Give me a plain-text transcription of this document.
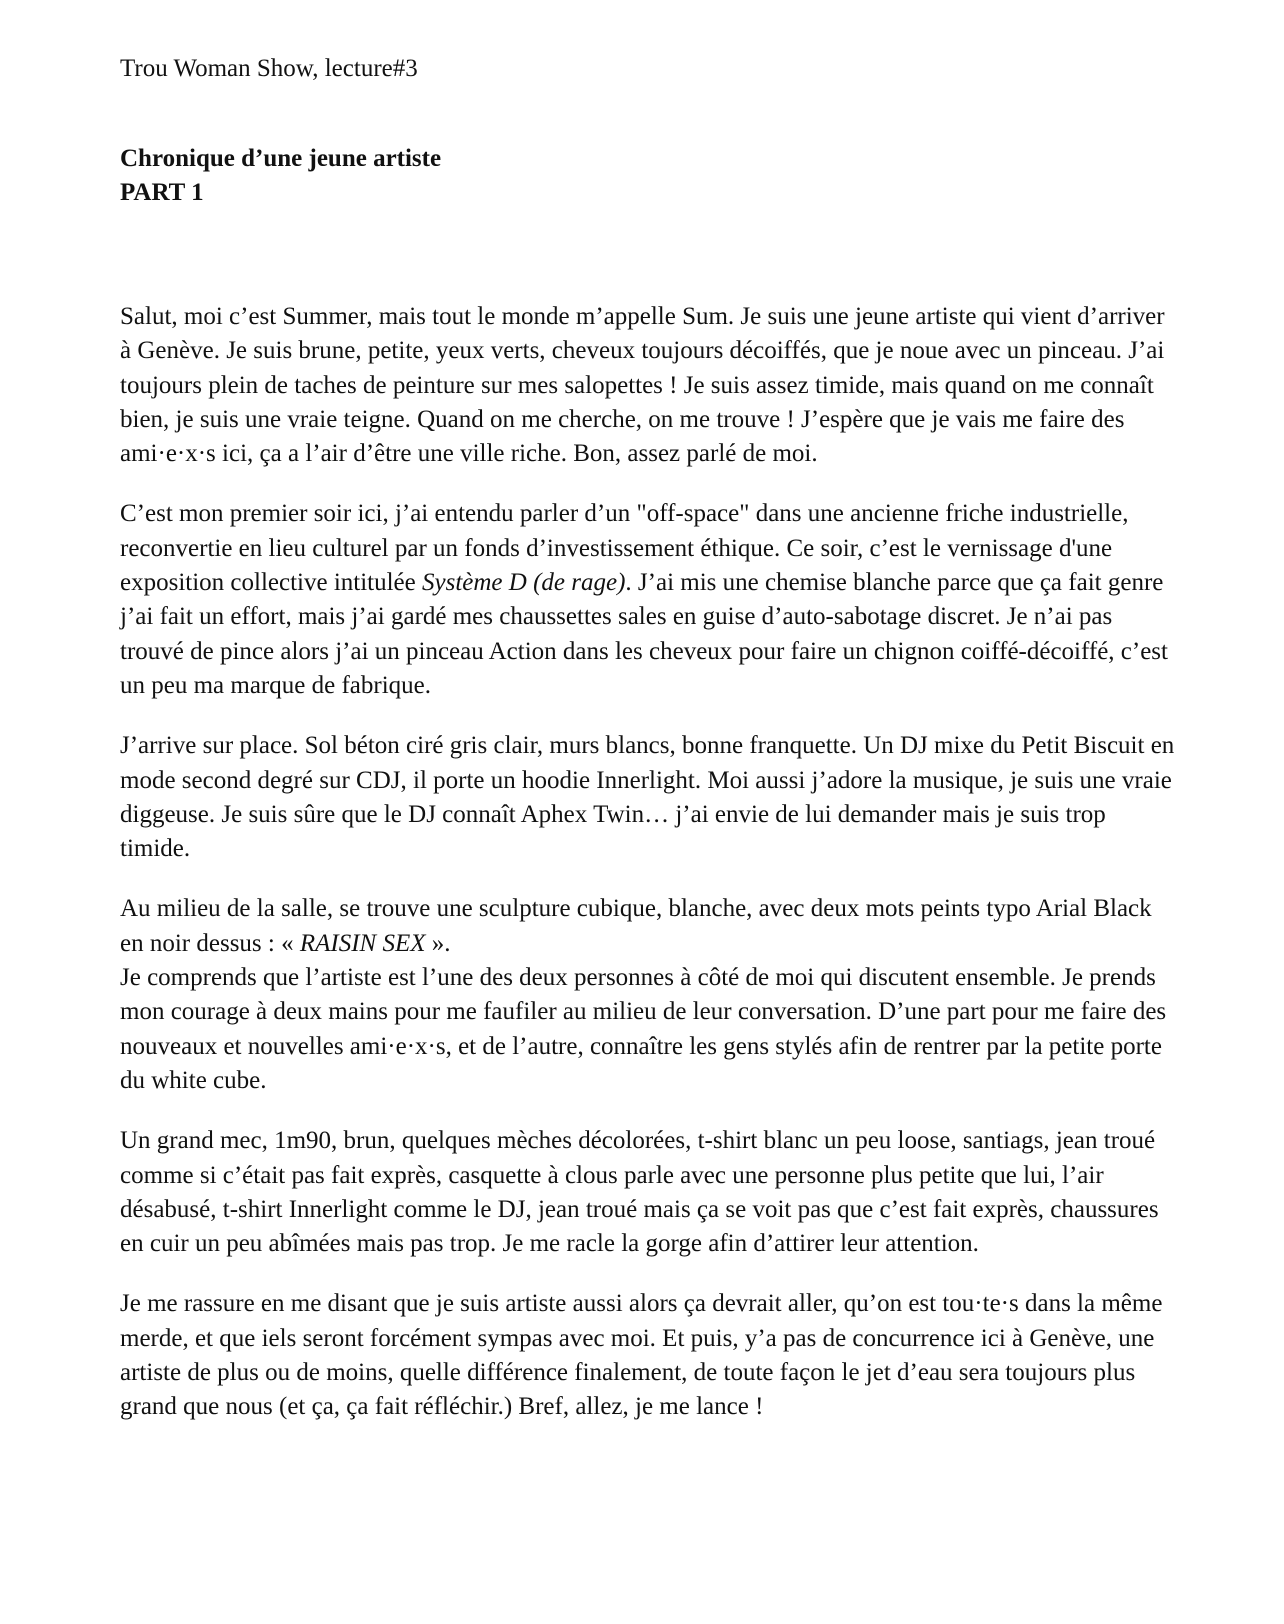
Trou Woman Show, lecture#3

Chronique d’une jeune artiste
PART 1

Salut, moi c’est Summer, mais tout le monde m’appelle Sum. Je suis une jeune artiste qui vient d’arriver à Genève. Je suis brune, petite, yeux verts, cheveux toujours décoiffés, que je noue avec un pinceau. J’ai toujours plein de taches de peinture sur mes salopettes ! Je suis assez timide, mais quand on me connaît bien, je suis une vraie teigne. Quand on me cherche, on me trouve ! J’espère que je vais me faire des ami·e·x·s ici, ça a l’air d’être une ville riche. Bon, assez parlé de moi.

C’est mon premier soir ici, j’ai entendu parler d’un "off-space" dans une ancienne friche industrielle, reconvertie en lieu culturel par un fonds d’investissement éthique. Ce soir, c’est le vernissage d'une exposition collective intitulée Système D (de rage). J’ai mis une chemise blanche parce que ça fait genre j’ai fait un effort, mais j’ai gardé mes chaussettes sales en guise d’auto-sabotage discret. Je n’ai pas trouvé de pince alors j’ai un pinceau Action dans les cheveux pour faire un chignon coiffé-décoiffé, c’est un peu ma marque de fabrique.

J’arrive sur place. Sol béton ciré gris clair, murs blancs, bonne franquette. Un DJ mixe du Petit Biscuit en mode second degré sur CDJ, il porte un hoodie Innerlight. Moi aussi j’adore la musique, je suis une vraie diggeuse. Je suis sûre que le DJ connaît Aphex Twin… j’ai envie de lui demander mais je suis trop timide.

Au milieu de la salle, se trouve une sculpture cubique, blanche, avec deux mots peints typo Arial Black en noir dessus : « RAISIN SEX ».
Je comprends que l’artiste est l’une des deux personnes à côté de moi qui discutent ensemble. Je prends mon courage à deux mains pour me faufiler au milieu de leur conversation. D’une part pour me faire des nouveaux et nouvelles ami·e·x·s, et de l’autre, connaître les gens stylés afin de rentrer par la petite porte du white cube.

Un grand mec, 1m90, brun, quelques mèches décolorées, t-shirt blanc un peu loose, santiags, jean troué comme si c’était pas fait exprès, casquette à clous parle avec une personne plus petite que lui, l’air désabusé, t-shirt Innerlight comme le DJ, jean troué mais ça se voit pas que c’est fait exprès, chaussures en cuir un peu abîmées mais pas trop. Je me racle la gorge afin d’attirer leur attention.

Je me rassure en me disant que je suis artiste aussi alors ça devrait aller, qu’on est tou·te·s dans la même merde, et que iels seront forcément sympas avec moi. Et puis, y’a pas de concurrence ici à Genève, une artiste de plus ou de moins, quelle différence finalement, de toute façon le jet d’eau sera toujours plus grand que nous (et ça, ça fait réfléchir.) Bref, allez, je me lance !
